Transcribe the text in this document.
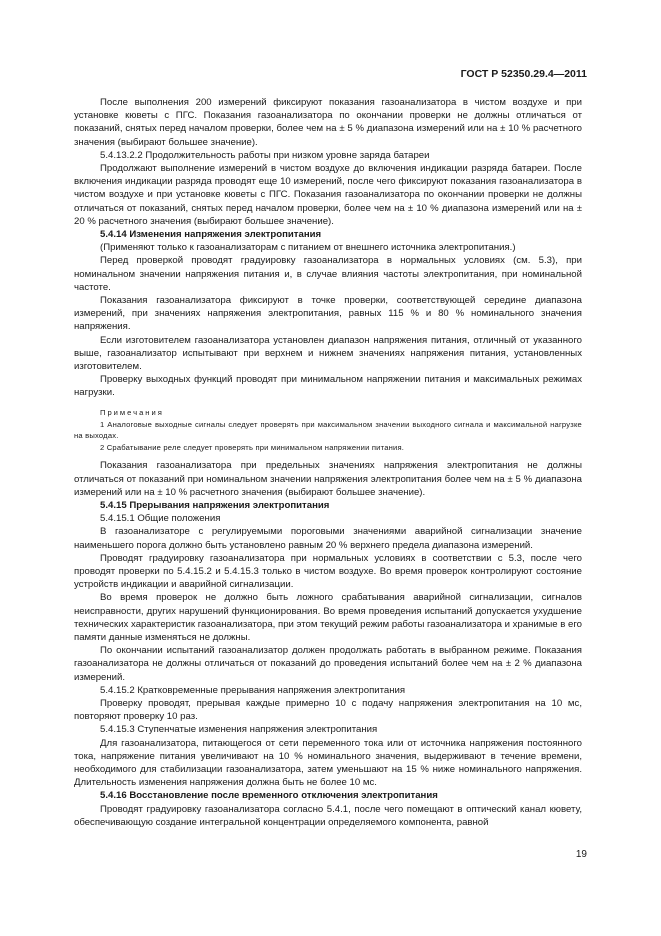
ГОСТ Р 52350.29.4—2011

После выполнения 200 измерений фиксируют показания газоанализатора в чистом воздухе и при установке кюветы с ПГС. Показания газоанализатора по окончании проверки не должны отличаться от показаний, снятых перед началом проверки, более чем на ± 5 % диапазона измерений или на ± 10 % расчетного значения (выбирают большее значение).

5.4.13.2.2 Продолжительность работы при низком уровне заряда батареи

Продолжают выполнение измерений в чистом воздухе до включения индикации разряда батареи. После включения индикации разряда проводят еще 10 измерений, после чего фиксируют показания газоанализатора в чистом воздухе и при установке кюветы с ПГС. Показания газоанализатора по окончании проверки не должны отличаться от показаний, снятых перед началом проверки, более чем на ± 10 % диапазона измерений или на ± 20 % расчетного значения (выбирают большее значение).

5.4.14 Изменения напряжения электропитания

(Применяют только к газоанализаторам с питанием от внешнего источника электропитания.)

Перед проверкой проводят градуировку газоанализатора в нормальных условиях (см. 5.3), при номинальном значении напряжения питания и, в случае влияния частоты электропитания, при номинальной частоте.

Показания газоанализатора фиксируют в точке проверки, соответствующей середине диапазона измерений, при значениях напряжения электропитания, равных 115 % и 80 % номинального значения напряжения.

Если изготовителем газоанализатора установлен диапазон напряжения питания, отличный от указанного выше, газоанализатор испытывают при верхнем и нижнем значениях напряжения питания, установленных изготовителем.

Проверку выходных функций проводят при минимальном напряжении питания и максимальных режимах нагрузки.

Примечания

1 Аналоговые выходные сигналы следует проверять при максимальном значении выходного сигнала и максимальной нагрузке на выходах.

2 Срабатывание реле следует проверять при минимальном напряжении питания.

Показания газоанализатора при предельных значениях напряжения электропитания не должны отличаться от показаний при номинальном значении напряжения электропитания более чем на ± 5 % диапазона измерений или на ± 10 % расчетного значения (выбирают большее значение).

5.4.15 Прерывания напряжения электропитания

5.4.15.1 Общие положения

В газоанализаторе с регулируемыми пороговыми значениями аварийной сигнализации значение наименьшего порога должно быть установлено равным 20 % верхнего предела диапазона измерений.

Проводят градуировку газоанализатора при нормальных условиях в соответствии с 5.3, после чего проводят проверки по 5.4.15.2 и 5.4.15.3 только в чистом воздухе. Во время проверок контролируют состояние устройств индикации и аварийной сигнализации.

Во время проверок не должно быть ложного срабатывания аварийной сигнализации, сигналов неисправности, других нарушений функционирования. Во время проведения испытаний допускается ухудшение технических характеристик газоанализатора, при этом текущий режим работы газоанализатора и хранимые в его памяти данные изменяться не должны.

По окончании испытаний газоанализатор должен продолжать работать в выбранном режиме. Показания газоанализатора не должны отличаться от показаний до проведения испытаний более чем на ± 2 % диапазона измерений.

5.4.15.2 Кратковременные прерывания напряжения электропитания

Проверку проводят, прерывая каждые примерно 10 с подачу напряжения электропитания на 10 мс, повторяют проверку 10 раз.

5.4.15.3 Ступенчатые изменения напряжения электропитания

Для газоанализатора, питающегося от сети переменного тока или от источника напряжения постоянного тока, напряжение питания увеличивают на 10 % номинального значения, выдерживают в течение времени, необходимого для стабилизации газоанализатора, затем уменьшают на 15 % ниже номинального напряжения. Длительность изменения напряжения должна быть не более 10 мс.

5.4.16 Восстановление после временного отключения электропитания

Проводят градуировку газоанализатора согласно 5.4.1, после чего помещают в оптический канал кювету, обеспечивающую создание интегральной концентрации определяемого компонента, равной

19
